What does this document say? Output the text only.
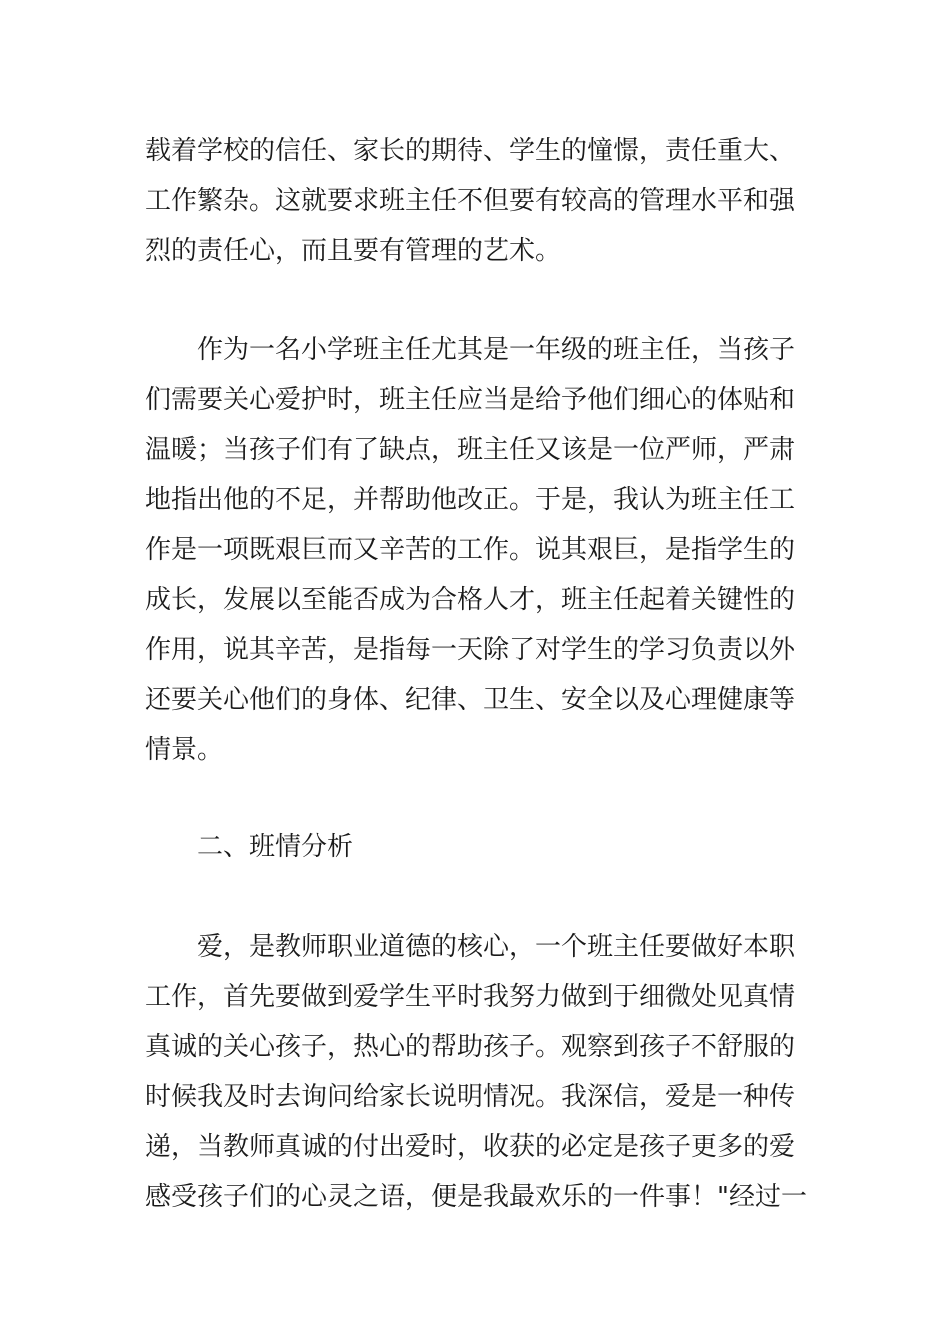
载着学校的信任、家长的期待、学生的憧憬，责任重大、
工作繁杂。这就要求班主任不但要有较高的管理水平和强
烈的责任心，而且要有管理的艺术。
作为一名小学班主任尤其是一年级的班主任，当孩子
们需要关心爱护时，班主任应当是给予他们细心的体贴和
温暖；当孩子们有了缺点，班主任又该是一位严师，严肃
地指出他的不足，并帮助他改正。于是，我认为班主任工
作是一项既艰巨而又辛苦的工作。说其艰巨，是指学生的
成长，发展以至能否成为合格人才，班主任起着关键性的
作用，说其辛苦，是指每一天除了对学生的学习负责以外
还要关心他们的身体、纪律、卫生、安全以及心理健康等
情景。
二、班情分析
爱，是教师职业道德的核心，一个班主任要做好本职
工作，首先要做到爱学生平时我努力做到于细微处见真情
真诚的关心孩子，热心的帮助孩子。观察到孩子不舒服的
时候我及时去询问给家长说明情况。我深信，爱是一种传
递，当教师真诚的付出爱时，收获的必定是孩子更多的爱
感受孩子们的心灵之语，便是我最欢乐的一件事！"经过一
